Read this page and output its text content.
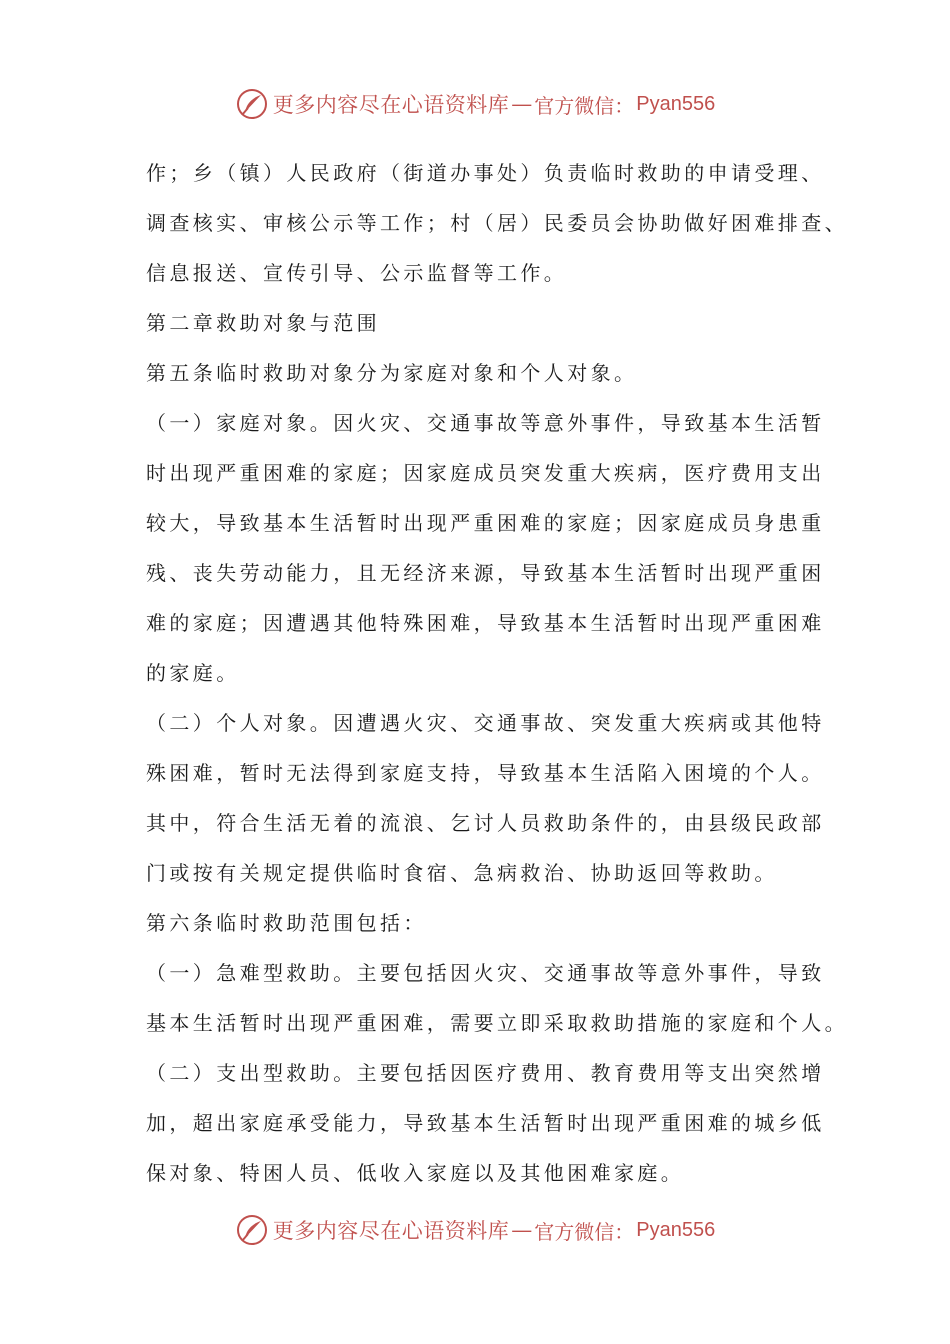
更多内容尽在心语资料库 — 官方微信： Pyan556

作；乡（镇）人民政府（街道办事处）负责临时救助的申请受理、

调查核实、审核公示等工作；村（居）民委员会协助做好困难排查、

信息报送、宣传引导、公示监督等工作。

第二章救助对象与范围

第五条临时救助对象分为家庭对象和个人对象。

（一）家庭对象。因火灾、交通事故等意外事件，导致基本生活暂

时出现严重困难的家庭；因家庭成员突发重大疾病，医疗费用支出

较大，导致基本生活暂时出现严重困难的家庭；因家庭成员身患重

残、丧失劳动能力，且无经济来源，导致基本生活暂时出现严重困

难的家庭；因遭遇其他特殊困难，导致基本生活暂时出现严重困难

的家庭。

（二）个人对象。因遭遇火灾、交通事故、突发重大疾病或其他特

殊困难，暂时无法得到家庭支持，导致基本生活陷入困境的个人。

其中，符合生活无着的流浪、乞讨人员救助条件的，由县级民政部

门或按有关规定提供临时食宿、急病救治、协助返回等救助。

第六条临时救助范围包括：

（一）急难型救助。主要包括因火灾、交通事故等意外事件，导致

基本生活暂时出现严重困难，需要立即采取救助措施的家庭和个人。

（二）支出型救助。主要包括因医疗费用、教育费用等支出突然增

加，超出家庭承受能力，导致基本生活暂时出现严重困难的城乡低

保对象、特困人员、低收入家庭以及其他困难家庭。

更多内容尽在心语资料库 — 官方微信： Pyan556
